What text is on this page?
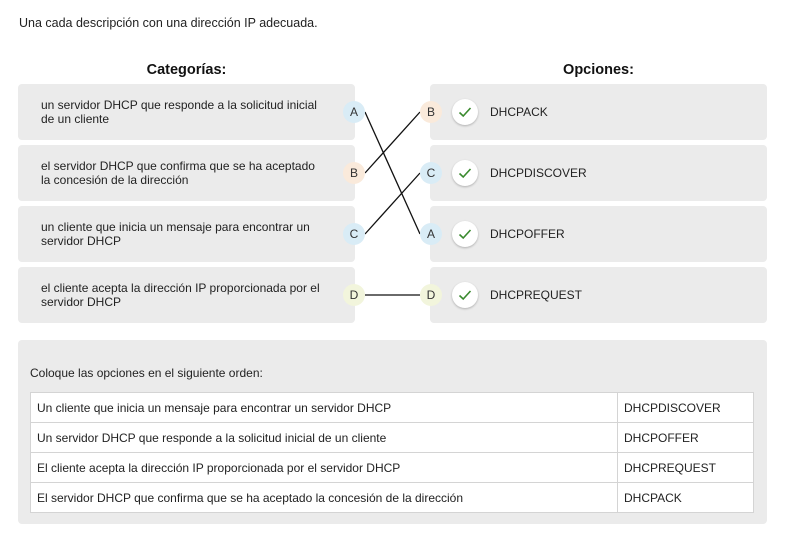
Una cada descripción con una dirección IP adecuada.
Categorías:	Opciones:
un servidor DHCP que responde a la solicitud inicial de un cliente	A
el servidor DHCP que confirma que se ha aceptado la concesión de la dirección	B
un cliente que inicia un mensaje para encontrar un servidor DHCP	C
el cliente acepta la dirección IP proporcionada por el servidor DHCP	D
DHCPACK
B
DHCPDISCOVER
C
DHCPOFFER
A
DHCPREQUEST
D
Coloque las opciones en el siguiente orden:
Un cliente que inicia un mensaje para encontrar un servidor DHCP	DHCPDISCOVER
Un servidor DHCP que responde a la solicitud inicial de un cliente	DHCPOFFER
El cliente acepta la dirección IP proporcionada por el servidor DHCP	DHCPREQUEST
El servidor DHCP que confirma que se ha aceptado la concesión de la dirección	DHCPACK
